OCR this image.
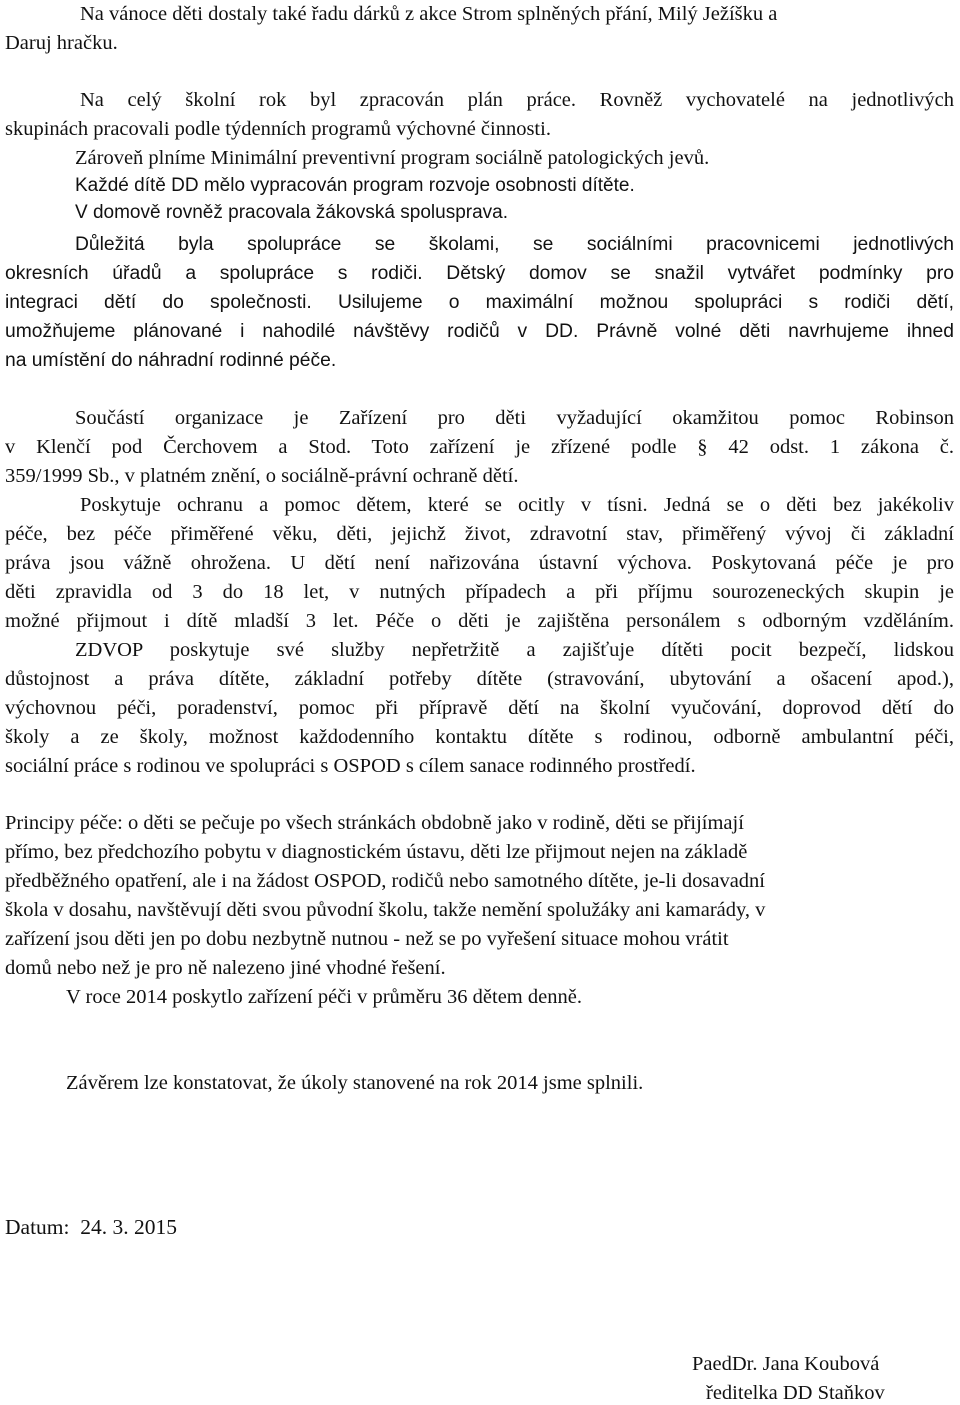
Na vánoce děti dostaly také řadu dárků z akce Strom splněných přání, Milý Ježíšku a
Daruj hračku.
Na celý školní rok byl zpracován plán práce. Rovněž vychovatelé na jednotlivých
skupinách pracovali podle týdenních programů výchovné činnosti.
Zároveň plníme Minimální preventivní program sociálně patologických jevů.
Každé dítě DD mělo vypracován program rozvoje osobnosti dítěte.
V domově rovněž pracovala žákovská spolusprava.
Důležitá byla spolupráce se školami, se sociálními pracovnicemi jednotlivých
okresních úřadů a spolupráce s rodiči. Dětský domov se snažil vytvářet podmínky pro
integraci dětí do společnosti. Usilujeme o maximální možnou spolupráci s rodiči dětí,
umožňujeme plánované i nahodilé návštěvy rodičů v DD. Právně volné děti navrhujeme ihned
na umístění do náhradní rodinné péče.
Součástí organizace je Zařízení pro děti vyžadující okamžitou pomoc Robinson
v Klenčí pod Čerchovem a Stod. Toto zařízení je zřízené podle § 42 odst. 1 zákona č.
359/1999 Sb., v platném znění, o sociálně-právní ochraně dětí.
Poskytuje ochranu a pomoc dětem, které se ocitly v tísni. Jedná se o děti bez jakékoliv
péče, bez péče přiměřené věku, děti, jejichž život, zdravotní stav, přiměřený vývoj či základní
práva jsou vážně ohrožena. U dětí není nařizována ústavní výchova. Poskytovaná péče je pro
děti zpravidla od 3 do 18 let, v nutných případech a při příjmu sourozeneckých skupin je
možné přijmout i dítě mladší 3 let. Péče o děti je zajištěna personálem s odborným vzděláním.
ZDVOP poskytuje své služby nepřetržitě a zajišťuje dítěti pocit bezpečí, lidskou
důstojnost a práva dítěte, základní potřeby dítěte (stravování, ubytování a ošacení apod.),
výchovnou péči, poradenství, pomoc při přípravě dětí na školní vyučování, doprovod dětí do
školy a ze školy, možnost každodenního kontaktu dítěte s rodinou, odborně ambulantní péči,
sociální práce s rodinou ve spolupráci s OSPOD s cílem sanace rodinného prostředí.
Principy péče: o děti se pečuje po všech stránkách obdobně jako v rodině, děti se přijímají
přímo, bez předchozího pobytu v diagnostickém ústavu, děti lze přijmout nejen na základě
předběžného opatření, ale i na žádost OSPOD, rodičů nebo samotného dítěte, je-li dosavadní
škola v dosahu, navštěvují děti svou původní školu, takže nemění spolužáky ani kamarády, v
zařízení jsou děti jen po dobu nezbytně nutnou - než se po vyřešení situace mohou vrátit
domů nebo než je pro ně nalezeno jiné vhodné řešení.
V roce 2014 poskytlo zařízení péči v průměru 36 dětem denně.
Závěrem lze konstatovat, že úkoly stanovené na rok 2014 jsme splnili.
Datum:  24. 3. 2015
PaedDr. Jana Koubová
ředitelka DD Staňkov
